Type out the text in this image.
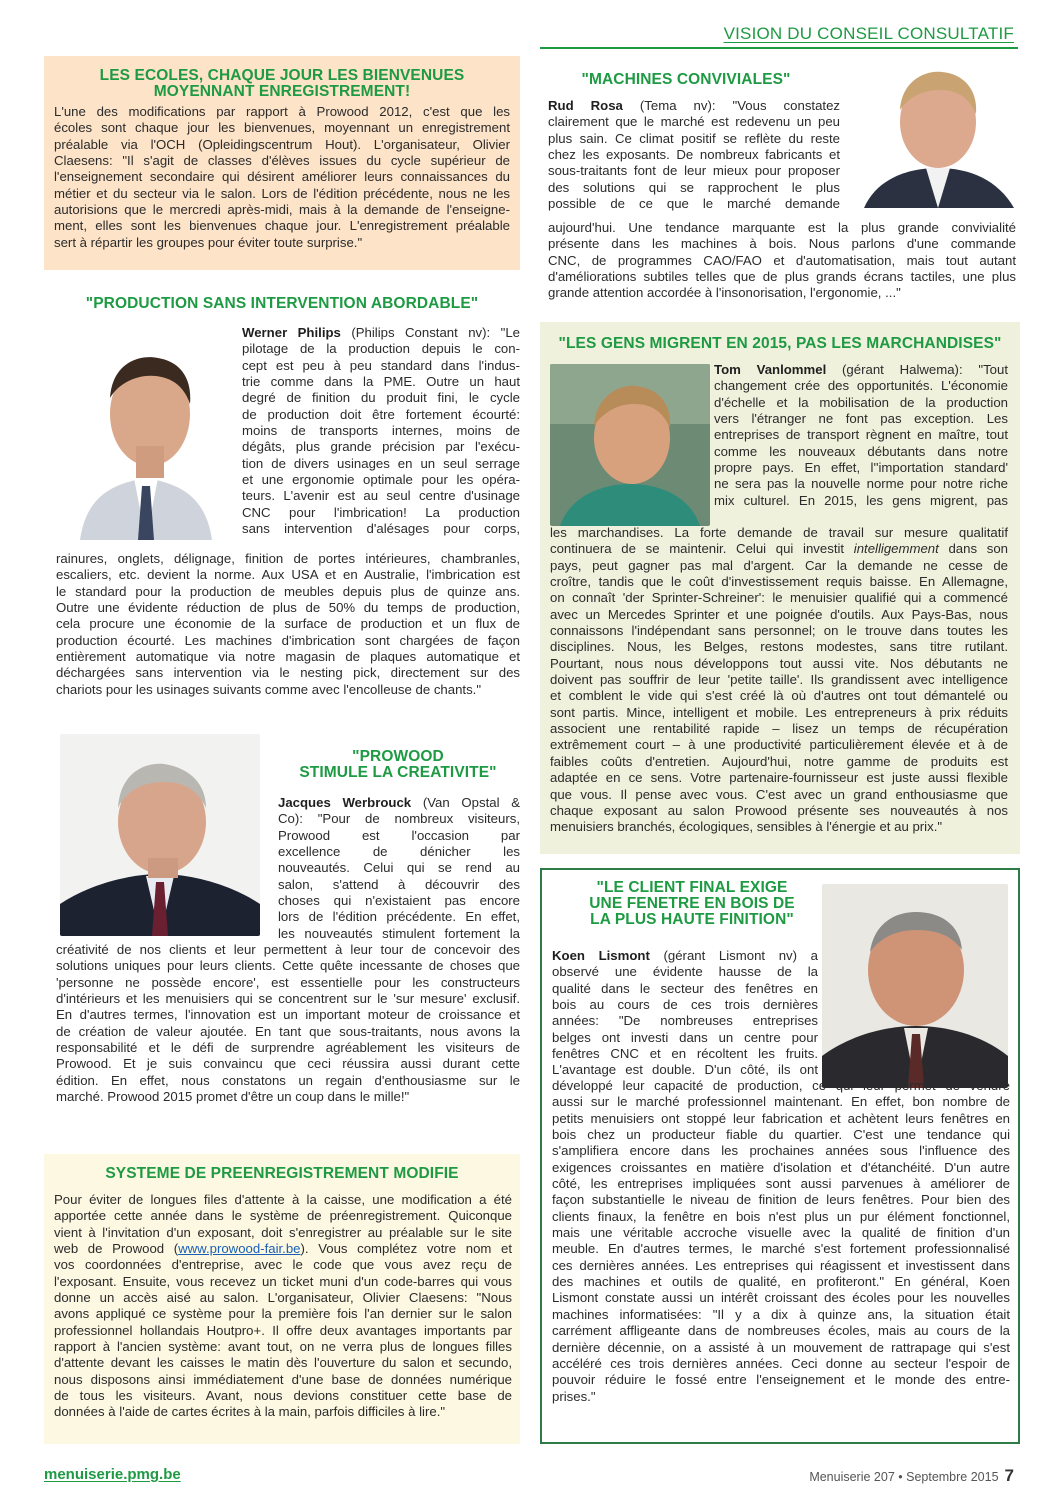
VISION DU CONSEIL CONSULTATIF
LES ECOLES, CHAQUE JOUR LES BIENVENUES
MOYENNANT ENREGISTREMENT!
L'une des modifications par rapport à Prowood 2012, c'est que les
écoles sont chaque jour les bienvenues, moyennant un enregistrement
préalable via l'OCH (Opleidingscentrum Hout). L'organisateur, Olivier
Claesens: "Il s'agit de classes d'élèves issues du cycle supérieur de
l'enseignement secondaire qui désirent améliorer leurs connaissances du
métier et du secteur via le salon. Lors de l'édition précédente, nous ne les
autorisions que le mercredi après-midi, mais à la demande de l'enseigne-
ment, elles sont les bienvenues chaque jour. L'enregistrement préalable
sert à répartir les groupes pour éviter toute surprise."
"PRODUCTION SANS INTERVENTION ABORDABLE"
Werner Philips (Philips Constant nv): "Le
pilotage de la production depuis le con-
cept est peu à peu standard dans l'indus-
trie comme dans la PME. Outre un haut
degré de finition du produit fini, le cycle
de production doit être fortement écourté:
moins de transports internes, moins de
dégâts, plus grande précision par l'exécu-
tion de divers usinages en un seul serrage
et une ergonomie optimale pour les opéra-
teurs. L'avenir est au seul centre d'usinage
CNC pour l'imbrication! La production
sans intervention d'alésages pour corps,
rainures, onglets, délignage, finition de portes intérieures, chambranles,
escaliers, etc. devient la norme. Aux USA et en Australie, l'imbrication est
le standard pour la production de meubles depuis plus de quinze ans.
Outre une évidente réduction de plus de 50% du temps de production,
cela procure une économie de la surface de production et un flux de
production écourté. Les machines d'imbrication sont chargées de façon
entièrement automatique via notre magasin de plaques automatique et
déchargées sans intervention via le nesting pick, directement sur des
chariots pour les usinages suivants comme avec l'encolleuse de chants."
"PROWOOD
STIMULE LA CREATIVITE"
Jacques Werbrouck (Van Opstal &
Co): "Pour de nombreux visiteurs,
Prowood est l'occasion par
excellence de dénicher les
nouveautés. Celui qui se rend au
salon, s'attend à découvrir des
choses qui n'existaient pas encore
lors de l'édition précédente. En effet,
les nouveautés stimulent fortement la
créativité de nos clients et leur permettent à leur tour de concevoir des
solutions uniques pour leurs clients. Cette quête incessante de choses que
'personne ne possède encore', est essentielle pour les constructeurs
d'intérieurs et les menuisiers qui se concentrent sur le 'sur mesure' exclusif.
En d'autres termes, l'innovation est un important moteur de croissance et
de création de valeur ajoutée. En tant que sous-traitants, nous avons la
responsabilité et le défi de surprendre agréablement les visiteurs de
Prowood. Et je suis convaincu que ceci réussira aussi durant cette
édition. En effet, nous constatons un regain d'enthousiasme sur le
marché. Prowood 2015 promet d'être un coup dans le mille!"
SYSTEME DE PREENREGISTREMENT MODIFIE
Pour éviter de longues files d'attente à la caisse, une modification a été
apportée cette année dans le système de préenregistrement. Quiconque
vient à l'invitation d'un exposant, doit s'enregistrer au préalable sur le site
web de Prowood (www.prowood-fair.be). Vous complétez votre nom et
vos coordonnées d'entreprise, avec le code que vous avez reçu de
l'exposant. Ensuite, vous recevez un ticket muni d'un code-barres qui vous
donne un accès aisé au salon. L'organisateur, Olivier Claesens: "Nous
avons appliqué ce système pour la première fois l'an dernier sur le salon
professionnel hollandais Houtpro+. Il offre deux avantages importants par
rapport à l'ancien système: avant tout, on ne verra plus de longues filles
d'attente devant les caisses le matin dès l'ouverture du salon et secundo,
nous disposons ainsi immédiatement d'une base de données numérique
de tous les visiteurs. Avant, nous devions constituer cette base de
données à l'aide de cartes écrites à la main, parfois difficiles à lire."
"MACHINES CONVIVIALES"
Rud Rosa (Tema nv): "Vous constatez
clairement que le marché est redevenu un peu
plus sain. Ce climat positif se reflète du reste
chez les exposants. De nombreux fabricants et
sous-traitants font de leur mieux pour proposer
des solutions qui se rapprochent le plus
possible de ce que le marché demande
aujourd'hui. Une tendance marquante est la plus grande convivialité
présente dans les machines à bois. Nous parlons d'une commande
CNC, de programmes CAO/FAO et d'automatisation, mais tout autant
d'améliorations subtiles telles que de plus grands écrans tactiles, une plus
grande attention accordée à l'insonorisation, l'ergonomie, ..."
"LES GENS MIGRENT EN 2015, PAS LES MARCHANDISES"
Tom Vanlommel (gérant Halwema): "Tout
changement crée des opportunités. L'économie
d'échelle et la mobilisation de la production
vers l'étranger ne font pas exception. Les
entreprises de transport règnent en maître, tout
comme les nouveaux débutants dans notre
propre pays. En effet, l''importation standard'
ne sera pas la nouvelle norme pour notre riche
mix culturel. En 2015, les gens migrent, pas
les marchandises. La forte demande de travail sur mesure qualitatif
continuera de se maintenir. Celui qui investit intelligemment dans son
pays, peut gagner pas mal d'argent. Car la demande ne cesse de
croître, tandis que le coût d'investissement requis baisse. En Allemagne,
on connaît 'der Sprinter-Schreiner': le menuisier qualifié qui a commencé
avec un Mercedes Sprinter et une poignée d'outils. Aux Pays-Bas, nous
connaissons l'indépendant sans personnel; on le trouve dans toutes les
disciplines. Nous, les Belges, restons modestes, sans titre rutilant.
Pourtant, nous nous développons tout aussi vite. Nos débutants ne
doivent pas souffrir de leur 'petite taille'. Ils grandissent avec intelligence
et comblent le vide qui s'est créé là où d'autres ont tout démantelé ou
sont partis. Mince, intelligent et mobile. Les entrepreneurs à prix réduits
associent une rentabilité rapide – lisez un temps de récupération
extrêmement court – à une productivité particulièrement élevée et à de
faibles coûts d'entretien. Aujourd'hui, notre gamme de produits est
adaptée en ce sens. Votre partenaire-fournisseur est juste aussi flexible
que vous. Il pense avec vous. C'est avec un grand enthousiasme que
chaque exposant au salon Prowood présente ses nouveautés à nos
menuisiers branchés, écologiques, sensibles à l'énergie et au prix."
"LE CLIENT FINAL EXIGE
UNE FENETRE EN BOIS DE
LA PLUS HAUTE FINITION"
Koen Lismont (gérant Lismont nv) a
observé une évidente hausse de la
qualité dans le secteur des fenêtres en
bois au cours de ces trois dernières
années: "De nombreuses entreprises
belges ont investi dans un centre pour
fenêtres CNC et en récoltent les fruits.
L'avantage est double. D'un côté, ils ont
développé leur capacité de production, ce qui leur permet de vendre
aussi sur le marché professionnel maintenant. En effet, bon nombre de
petits menuisiers ont stoppé leur fabrication et achètent leurs fenêtres en
bois chez un producteur fiable du quartier. C'est une tendance qui
s'amplifiera encore dans les prochaines années sous l'influence des
exigences croissantes en matière d'isolation et d'étanchéité. D'un autre
côté, les entreprises impliquées sont aussi parvenues à améliorer de
façon substantielle le niveau de finition de leurs fenêtres. Pour bien des
clients finaux, la fenêtre en bois n'est plus un pur élément fonctionnel,
mais une véritable accroche visuelle avec la qualité de finition d'un
meuble. En d'autres termes, le marché s'est fortement professionnalisé
ces dernières années. Les entreprises qui réagissent et investissent dans
des machines et outils de qualité, en profiteront." En général, Koen
Lismont constate aussi un intérêt croissant des écoles pour les nouvelles
machines informatisées: "Il y a dix à quinze ans, la situation était
carrément affligeante dans de nombreuses écoles, mais au cours de la
dernière décennie, on a assisté à un mouvement de rattrapage qui s'est
accéléré ces trois dernières années. Ceci donne au secteur l'espoir de
pouvoir réduire le fossé entre l'enseignement et le monde des entre-
prises."
menuiserie.pmg.be	Menuiserie 207 • Septembre 2015 7
